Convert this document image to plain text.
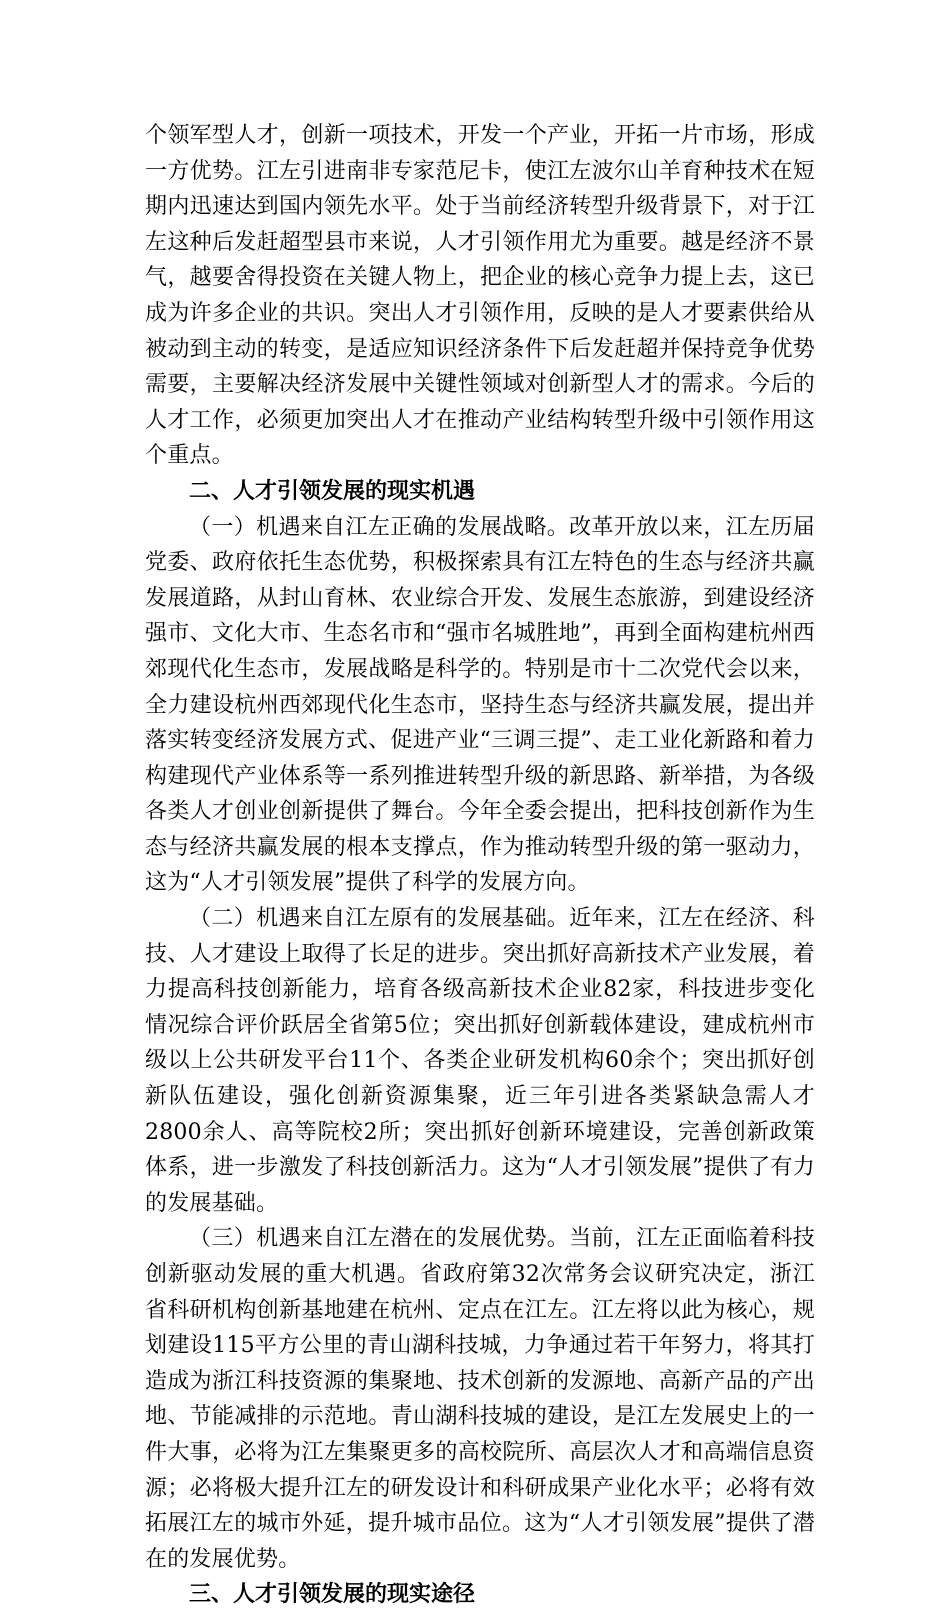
个领军型人才，创新一项技术，开发一个产业，开拓一片市场，形成一方优势。江左引进南非专家范尼卡，使江左波尔山羊育种技术在短期内迅速达到国内领先水平。处于当前经济转型升级背景下，对于江左这种后发赶超型县市来说，人才引领作用尤为重要。越是经济不景气，越要舍得投资在关键人物上，把企业的核心竞争力提上去，这已成为许多企业的共识。突出人才引领作用，反映的是人才要素供给从被动到主动的转变，是适应知识经济条件下后发赶超并保持竞争优势需要，主要解决经济发展中关键性领域对创新型人才的需求。今后的人才工作，必须更加突出人才在推动产业结构转型升级中引领作用这个重点。

二、人才引领发展的现实机遇

（一）机遇来自江左正确的发展战略。改革开放以来，江左历届党委、政府依托生态优势，积极探索具有江左特色的生态与经济共赢发展道路，从封山育林、农业综合开发、发展生态旅游，到建设经济强市、文化大市、生态名市和“强市名城胜地”，再到全面构建杭州西郊现代化生态市，发展战略是科学的。特别是市十二次党代会以来，全力建设杭州西郊现代化生态市，坚持生态与经济共赢发展，提出并落实转变经济发展方式、促进产业“三调三提”、走工业化新路和着力构建现代产业体系等一系列推进转型升级的新思路、新举措，为各级各类人才创业创新提供了舞台。今年全委会提出，把科技创新作为生态与经济共赢发展的根本支撑点，作为推动转型升级的第一驱动力，这为“人才引领发展”提供了科学的发展方向。

（二）机遇来自江左原有的发展基础。近年来，江左在经济、科技、人才建设上取得了长足的进步。突出抓好高新技术产业发展，着力提高科技创新能力，培育各级高新技术企业82家，科技进步变化情况综合评价跃居全省第5位；突出抓好创新载体建设，建成杭州市级以上公共研发平台11个、各类企业研发机构60余个；突出抓好创新队伍建设，强化创新资源集聚，近三年引进各类紧缺急需人才2800余人、高等院校2所；突出抓好创新环境建设，完善创新政策体系，进一步激发了科技创新活力。这为“人才引领发展”提供了有力的发展基础。

（三）机遇来自江左潜在的发展优势。当前，江左正面临着科技创新驱动发展的重大机遇。省政府第32次常务会议研究决定，浙江省科研机构创新基地建在杭州、定点在江左。江左将以此为核心，规划建设115平方公里的青山湖科技城，力争通过若干年努力，将其打造成为浙江科技资源的集聚地、技术创新的发源地、高新产品的产出地、节能减排的示范地。青山湖科技城的建设，是江左发展史上的一件大事，必将为江左集聚更多的高校院所、高层次人才和高端信息资源；必将极大提升江左的研发设计和科研成果产业化水平；必将有效拓展江左的城市外延，提升城市品位。这为“人才引领发展”提供了潜在的发展优势。

三、人才引领发展的现实途径
